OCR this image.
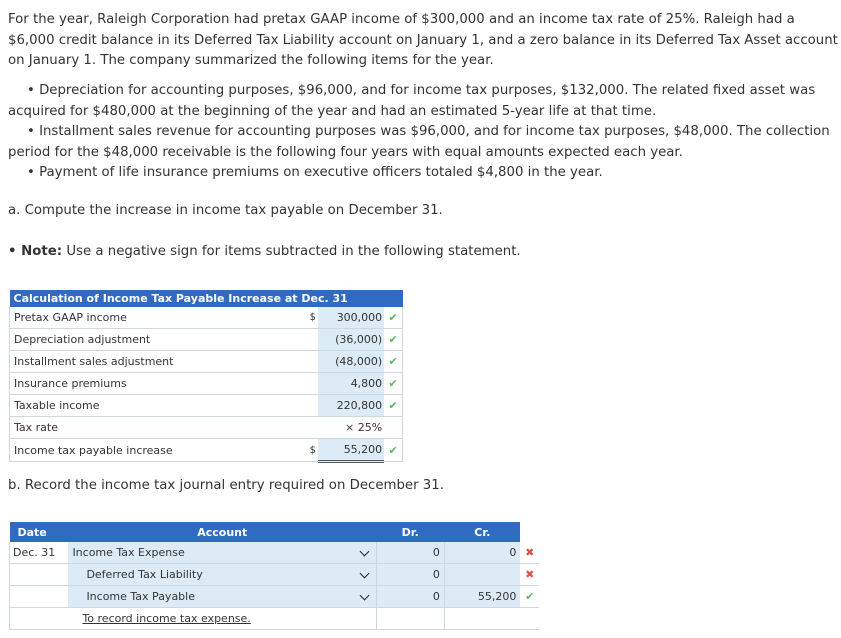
For the year, Raleigh Corporation had pretax GAAP income of $300,000 and an income tax rate of 25%. Raleigh had a $6,000 credit balance in its Deferred Tax Liability account on January 1, and a zero balance in its Deferred Tax Asset account on January 1. The company summarized the following items for the year.

• Depreciation for accounting purposes, $96,000, and for income tax purposes, $132,000. The related fixed asset was acquired for $480,000 at the beginning of the year and had an estimated 5-year life at that time.

• Installment sales revenue for accounting purposes was $96,000, and for income tax purposes, $48,000. The collection period for the $48,000 receivable is the following four years with equal amounts expected each year.

• Payment of life insurance premiums on executive officers totaled $4,800 in the year.

a. Compute the increase in income tax payable on December 31.
• Note: Use a negative sign for items subtracted in the following statement.
Calculation of Income Tax Payable Increase at Dec. 31			
Pretax GAAP income	$	300,000	✔
Depreciation adjustment		(36,000)	✔
Installment sales adjustment		(48,000)	✔
Insurance premiums		4,800	✔
Taxable income		220,800	✔
Tax rate		× 25%	
Income tax payable increase	$	55,200	✔
b. Record the income tax journal entry required on December 31.
Date	Account		Dr.	Cr.	
Dec. 31	Income Tax Expense		0	0	✖
	Deferred Tax Liability		0		✖
	Income Tax Payable		0	55,200	✔
	To record income tax expense.				
